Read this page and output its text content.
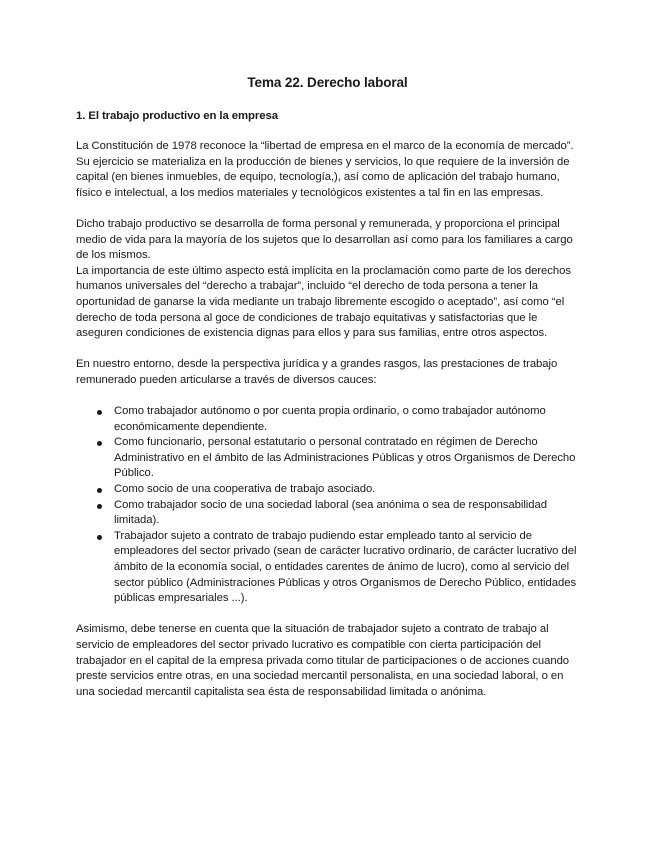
Tema 22. Derecho laboral
1. El trabajo productivo en la empresa

La Constitución de 1978 reconoce la “libertad de empresa en el marco de la economía de mercado”.

Su ejercicio se materializa en la producción de bienes y servicios, lo que requiere de la inversión de capital (en bienes inmuebles, de equipo, tecnología,), así como de aplicación del trabajo humano, físico e intelectual, a los medios materiales y tecnológicos existentes a tal fin en las empresas.

Dicho trabajo productivo se desarrolla de forma personal y remunerada, y proporciona el principal medio de vida para la mayoría de los sujetos que lo desarrollan así como para los familiares a cargo de los mismos.

La importancia de este último aspecto está implícita en la proclamación como parte de los derechos humanos universales del “derecho a trabajar”, incluido “el derecho de toda persona a tener la oportunidad de ganarse la vida mediante un trabajo libremente escogido o aceptado”, así como “el derecho de toda persona al goce de condiciones de trabajo equitativas y satisfactorias que le aseguren condiciones de existencia dignas para ellos y para sus familias, entre otros aspectos.

En nuestro entorno, desde la perspectiva jurídica y a grandes rasgos, las prestaciones de trabajo remunerado pueden articularse a través de diversos cauces:

Como trabajador autónomo o por cuenta propia ordinario, o como trabajador autónomo económicamente dependiente.
Como funcionario, personal estatutario o personal contratado en régimen de Derecho Administrativo en el ámbito de las Administraciones Públicas y otros Organismos de Derecho Público.
Como socio de una cooperativa de trabajo asociado.
Como trabajador socio de una sociedad laboral (sea anónima o sea de responsabilidad limitada).
Trabajador sujeto a contrato de trabajo pudiendo estar empleado tanto al servicio de empleadores del sector privado (sean de carácter lucrativo ordinario, de carácter lucrativo del ámbito de la economía social, o entidades carentes de ánimo de lucro), como al servicio del sector público (Administraciones Públicas y otros Organismos de Derecho Público, entidades públicas empresariales ...).

Asimismo, debe tenerse en cuenta que la situación de trabajador sujeto a contrato de trabajo al servicio de empleadores del sector privado lucrativo es compatible con cierta participación del trabajador en el capital de la empresa privada como titular de participaciones o de acciones cuando preste servicios entre otras, en una sociedad mercantil personalista, en una sociedad laboral, o en una sociedad mercantil capitalista sea ésta de responsabilidad limitada o anónima.
